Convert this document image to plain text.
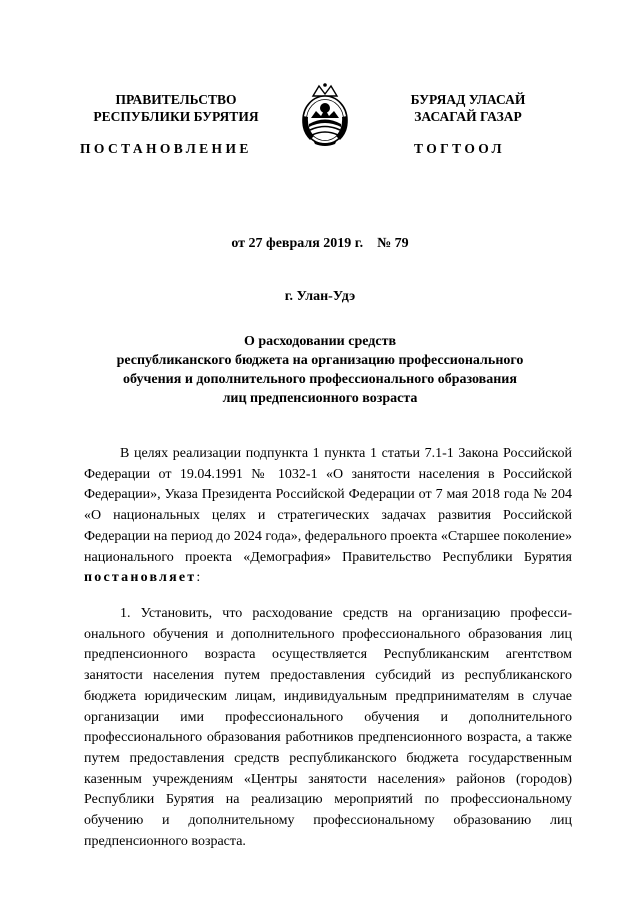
ПРАВИТЕЛЬСТВО
РЕСПУБЛИКИ БУРЯТИЯ
БУРЯАД УЛАСАЙ
ЗАСАГАЙ ГАЗАР
ПОСТАНОВЛЕНИЕ	ТОГТООЛ
от 27 февраля 2019 г. № 79
г. Улан-Удэ
О расходовании средств
республиканского бюджета на организацию профессионального
обучения и дополнительного профессионального образования
лиц предпенсионного возраста
В целях реализации подпункта 1 пункта 1 статьи 7.1-1 Закона Российской Федерации от 19.04.1991 № 1032-1 «О занятости населения в Российской Федерации», Указа Президента Российской Федерации от 7 мая 2018 года № 204 «О национальных целях и стратегических задачах развития Российской Федерации на период до 2024 года», федерального проекта «Старшее поколение» национального проекта «Демография» Правительство Республики Бурятия постановляет:
1. Установить, что расходование средств на организацию профессионального обучения и дополнительного профессионального образования лиц предпенсионного возраста осуществляется Республиканским агентством занятости населения путем предоставления субсидий из республиканского бюджета юридическим лицам, индивидуальным предпринимателям в случае организации ими профессионального обучения и дополнительного профессионального образования работников предпенсионного возраста, а также путем предоставления средств республиканского бюджета государственным казенным учреждениям «Центры занятости населения» районов (городов) Республики Бурятия на реализацию мероприятий по профессиональному обучению и дополнительному профессиональному образованию лиц предпенсионного возраста.
